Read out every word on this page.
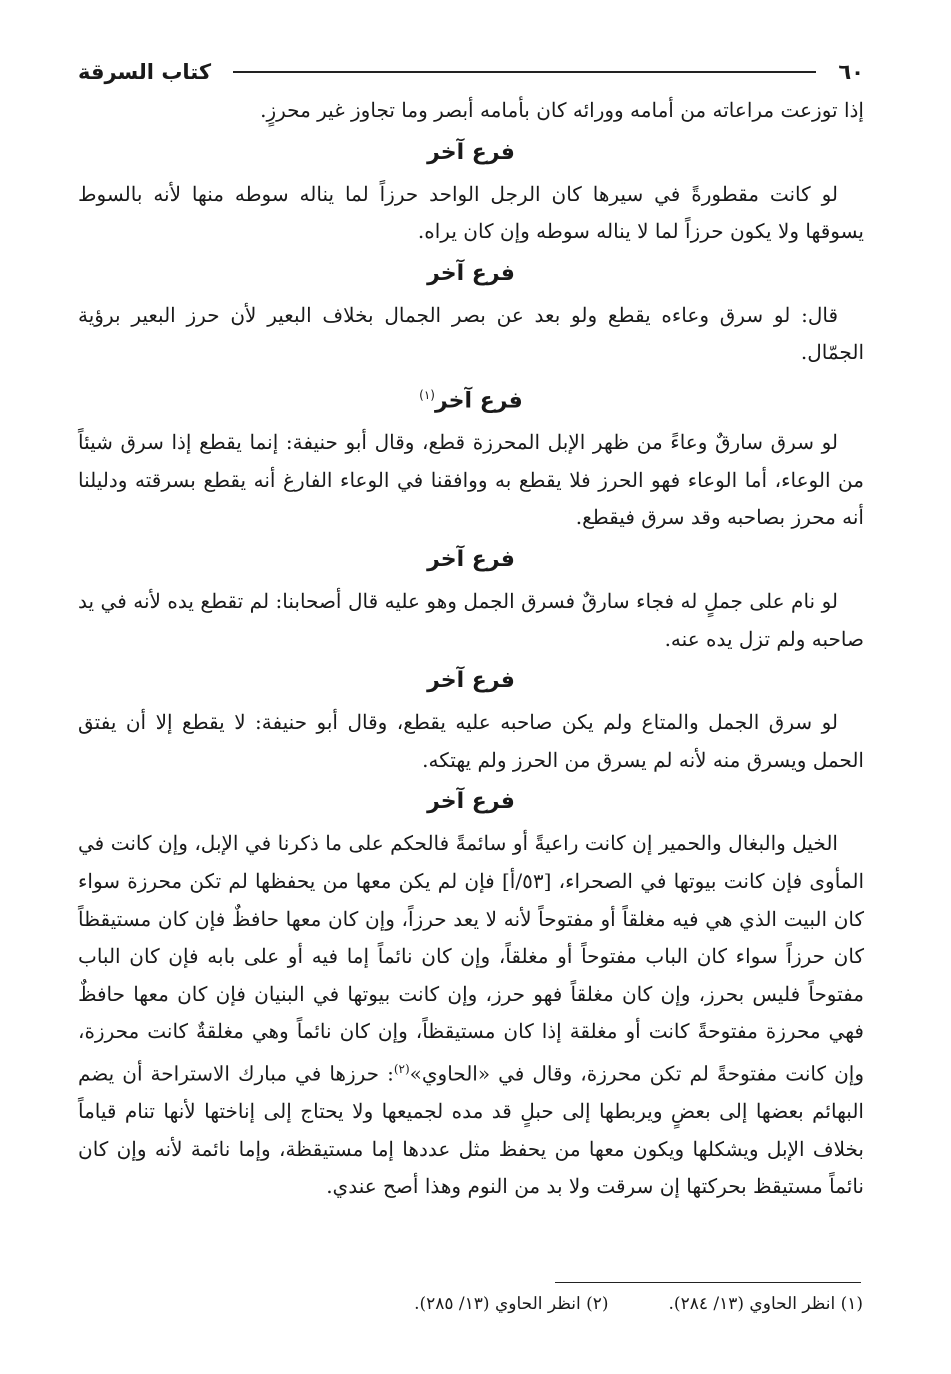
٦٠
كتاب السرقة

إذا توزعت مراعاته من أمامه وورائه كان بأمامه أبصر وما تجاوز غير محرزٍ.

فرع آخر

لو كانت مقطورةً في سيرها كان الرجل الواحد حرزاً لما يناله سوطه منها لأنه بالسوط يسوقها ولا يكون حرزاً لما لا يناله سوطه وإن كان يراه.

فرع آخر

قال: لو سرق وعاءه يقطع ولو بعد عن بصر الجمال بخلاف البعير لأن حرز البعير برؤية الجمّال.

فرع آخر$^{(١)}$

لو سرق سارقٌ وعاءً من ظهر الإبل المحرزة قطع، وقال أبو حنيفة: إنما يقطع إذا سرق شيئاً من الوعاء، أما الوعاء فهو الحرز فلا يقطع به ووافقنا في الوعاء الفارغ أنه يقطع بسرقته ودليلنا أنه محرز بصاحبه وقد سرق فيقطع.

فرع آخر

لو نام على جملٍ له فجاء سارقٌ فسرق الجمل وهو عليه قال أصحابنا: لم تقطع يده لأنه في يد صاحبه ولم تزل يده عنه.

فرع آخر

لو سرق الجمل والمتاع ولم يكن صاحبه عليه يقطع، وقال أبو حنيفة: لا يقطع إلا أن يفتق الحمل ويسرق منه لأنه لم يسرق من الحرز ولم يهتكه.

فرع آخر

الخيل والبغال والحمير إن كانت راعيةً أو سائمةً فالحكم على ما ذكرنا في الإبل، وإن كانت في المأوى فإن كانت بيوتها في الصحراء، [٥٣/أ] فإن لم يكن معها من يحفظها لم تكن محرزة سواء كان البيت الذي هي فيه مغلقاً أو مفتوحاً لأنه لا يعد حرزاً، وإن كان معها حافظٌ فإن كان مستيقظاً كان حرزاً سواء كان الباب مفتوحاً أو مغلقاً، وإن كان نائماً إما فيه أو على بابه فإن كان الباب مفتوحاً فليس بحرز، وإن كان مغلقاً فهو حرز، وإن كانت بيوتها في البنيان فإن كان معها حافظٌ فهي محرزة مفتوحةً كانت أو مغلقة إذا كان مستيقظاً، وإن كان نائماً وهي مغلقةٌ كانت محرزة، وإن كانت مفتوحةً لم تكن محرزة، وقال في «الحاوي»$^{(٢)}$: حرزها في مبارك الاستراحة أن يضم البهائم بعضها إلى بعضٍ ويربطها إلى حبلٍ قد مده لجميعها ولا يحتاج إلى إناختها لأنها تنام قياماً بخلاف الإبل ويشكلها ويكون معها من يحفظ مثل عددها إما مستيقظة، وإما نائمة لأنه وإن كان نائماً مستيقظ بحركتها إن سرقت ولا بد من النوم وهذا أصح عندي.

(١) انظر الحاوي (١٣/ ٢٨٤).
(٢) انظر الحاوي (١٣/ ٢٨٥).
